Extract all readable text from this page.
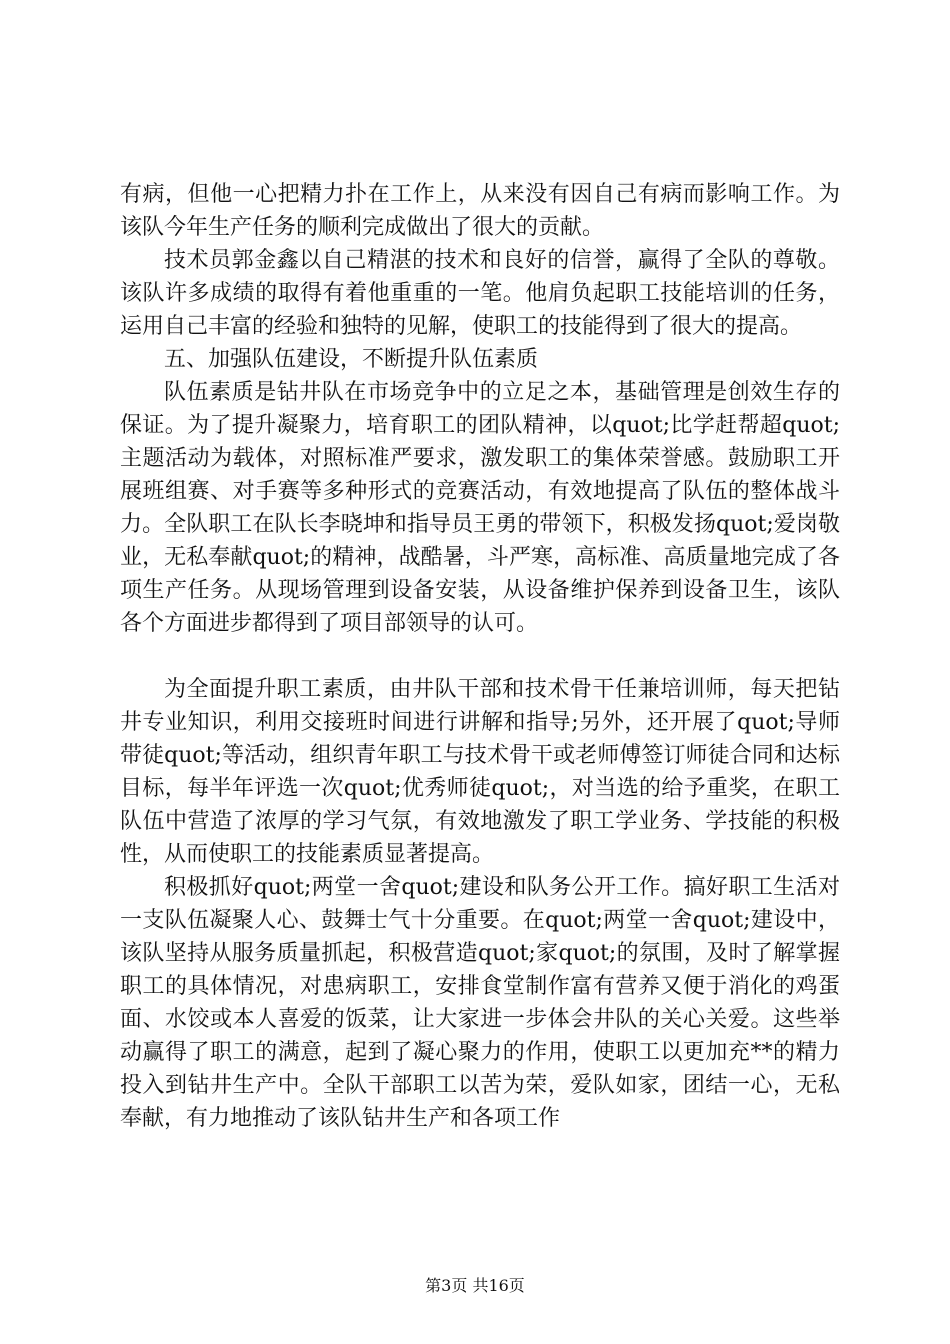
有病，但他一心把精力扑在工作上，从来没有因自己有病而影响工作。为该队今年生产任务的顺利完成做出了很大的贡献。

技术员郭金鑫以自己精湛的技术和良好的信誉，赢得了全队的尊敬。该队许多成绩的取得有着他重重的一笔。他肩负起职工技能培训的任务，运用自己丰富的经验和独特的见解，使职工的技能得到了很大的提高。

五、加强队伍建设，不断提升队伍素质

队伍素质是钻井队在市场竞争中的立足之本，基础管理是创效生存的保证。为了提升凝聚力，培育职工的团队精神，以quot;比学赶帮超quot;主题活动为载体，对照标准严要求，激发职工的集体荣誉感。鼓励职工开展班组赛、对手赛等多种形式的竞赛活动，有效地提高了队伍的整体战斗力。全队职工在队长李晓坤和指导员王勇的带领下，积极发扬quot;爱岗敬业，无私奉献quot;的精神，战酷暑，斗严寒，高标准、高质量地完成了各项生产任务。从现场管理到设备安装，从设备维护保养到设备卫生，该队各个方面进步都得到了项目部领导的认可。

为全面提升职工素质，由井队干部和技术骨干任兼培训师，每天把钻井专业知识，利用交接班时间进行讲解和指导;另外，还开展了quot;导师带徒quot;等活动，组织青年职工与技术骨干或老师傅签订师徒合同和达标目标，每半年评选一次quot;优秀师徒quot;，对当选的给予重奖，在职工队伍中营造了浓厚的学习气氛，有效地激发了职工学业务、学技能的积极性，从而使职工的技能素质显著提高。

积极抓好quot;两堂一舍quot;建设和队务公开工作。搞好职工生活对一支队伍凝聚人心、鼓舞士气十分重要。在quot;两堂一舍quot;建设中，该队坚持从服务质量抓起，积极营造quot;家quot;的氛围，及时了解掌握职工的具体情况，对患病职工，安排食堂制作富有营养又便于消化的鸡蛋面、水饺或本人喜爱的饭菜，让大家进一步体会井队的关心关爱。这些举动赢得了职工的满意，起到了凝心聚力的作用，使职工以更加充**的精力投入到钻井生产中。全队干部职工以苦为荣，爱队如家，团结一心，无私奉献，有力地推动了该队钻井生产和各项工作

第3页 共16页
